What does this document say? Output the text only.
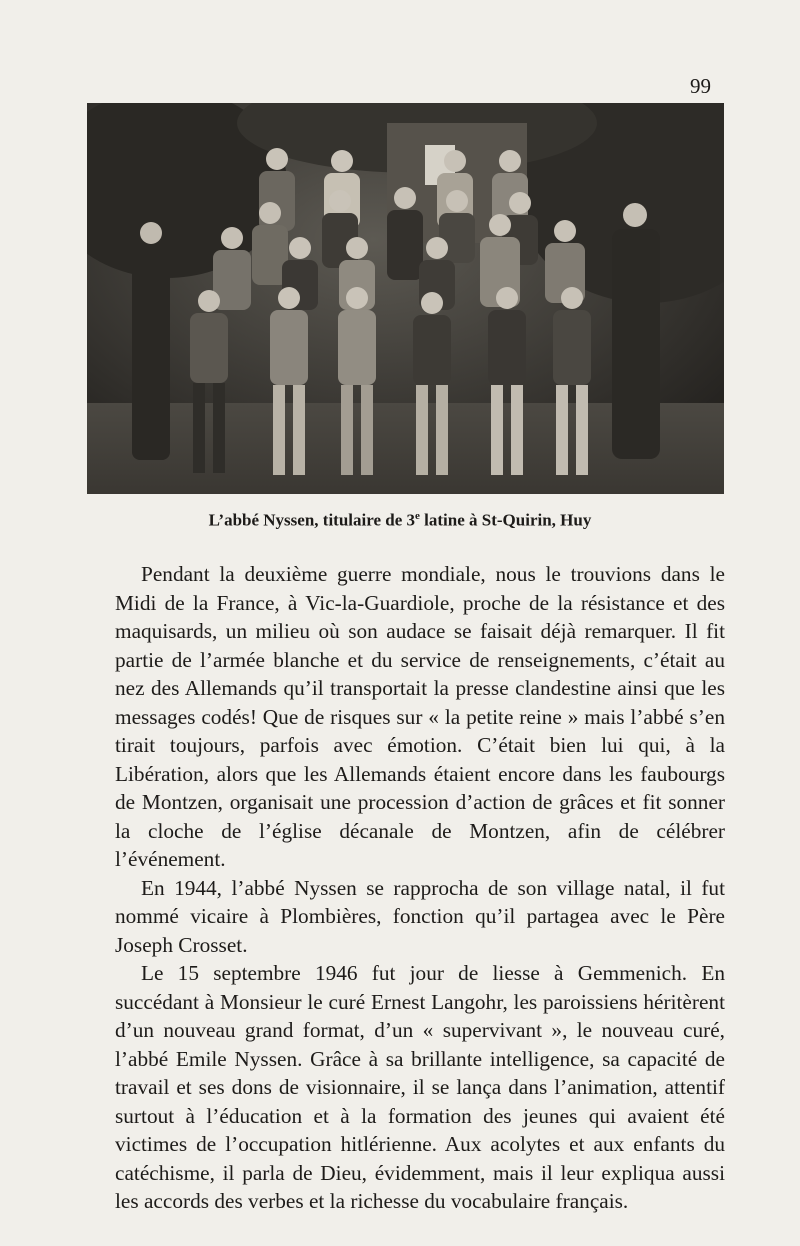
99
L’abbé Nyssen, titulaire de 3e latine à St-Quirin, Huy

Pendant la deuxième guerre mondiale, nous le trouvions dans le Midi de la France, à Vic-la-Guardiole, proche de la résistance et des maquisards, un milieu où son audace se faisait déjà remarquer. Il fit partie de l’armée blanche et du service de renseignements, c’était au nez des Allemands qu’il transportait la presse clandestine ainsi que les messages codés! Que de risques sur « la petite reine » mais l’abbé s’en tirait toujours, parfois avec émotion. C’était bien lui qui, à la Libération, alors que les Allemands étaient encore dans les faubourgs de Montzen, organisait une procession d’action de grâces et fit sonner la cloche de l’église décanale de Montzen, afin de célébrer l’événement.

En 1944, l’abbé Nyssen se rapprocha de son village natal, il fut nommé vicaire à Plombières, fonction qu’il partagea avec le Père Joseph Crosset.

Le 15 septembre 1946 fut jour de liesse à Gemmenich. En succédant à Monsieur le curé Ernest Langohr, les paroissiens héritèrent d’un nouveau grand format, d’un « supervivant », le nouveau curé, l’abbé Emile Nyssen. Grâce à sa brillante intelligence, sa capacité de travail et ses dons de visionnaire, il se lança dans l’animation, attentif surtout à l’éducation et à la formation des jeunes qui avaient été victimes de l’occupation hitlérienne. Aux acolytes et aux enfants du catéchisme, il parla de Dieu, évidemment, mais il leur expliqua aussi les accords des verbes et la richesse du vocabulaire français.
